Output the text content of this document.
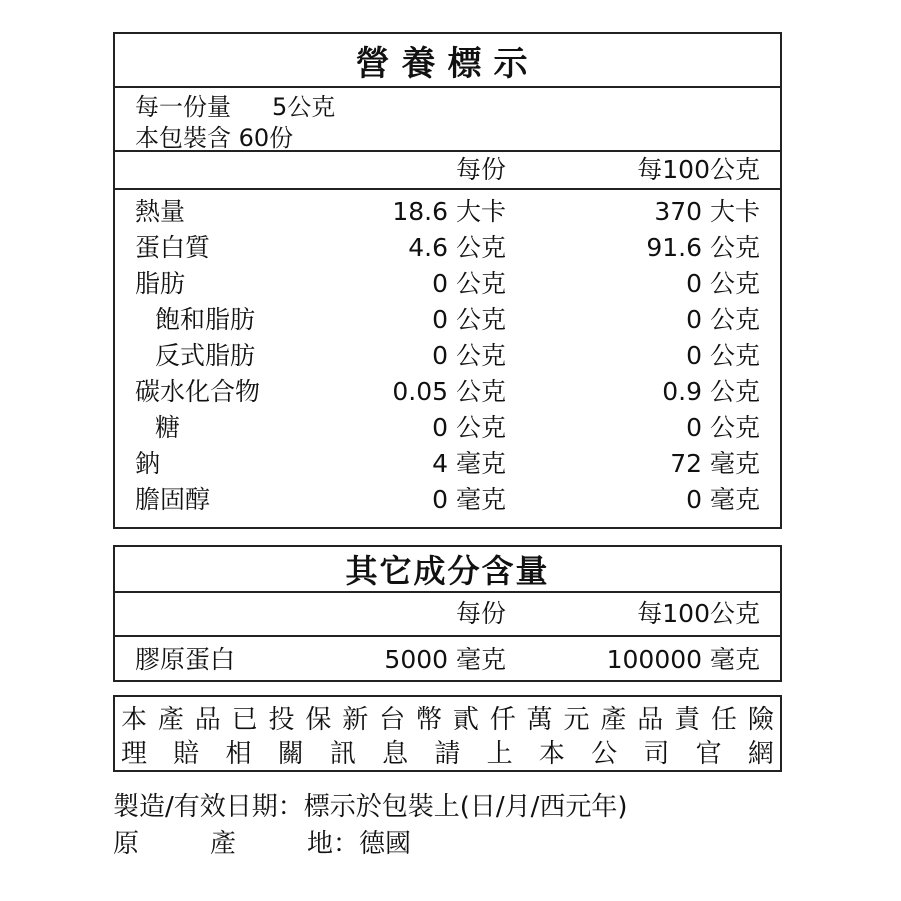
營養標示
每一份量 5公克
本包裝含 60份
每份	每100公克
熱量	18.6 大卡	370 大卡
蛋白質	4.6 公克	91.6 公克
脂肪	0 公克	0 公克
飽和脂肪	0 公克	0 公克
反式脂肪	0 公克	0 公克
碳水化合物	0.05 公克	0.9 公克
糖	0 公克	0 公克
鈉	4 毫克	72 毫克
膽固醇	0 毫克	0 毫克
其它成分含量
每份	每100公克
膠原蛋白	5000 毫克	100000 毫克
本 產 品 已 投 保 新 台 幣 貳 仟 萬 元 產 品 責 任 險
理 賠 相 關 訊 息 請 上 本 公 司 官 網
製造/有效日期：標示於包裝上(日/月/西元年)
原	產	地 ：德國
